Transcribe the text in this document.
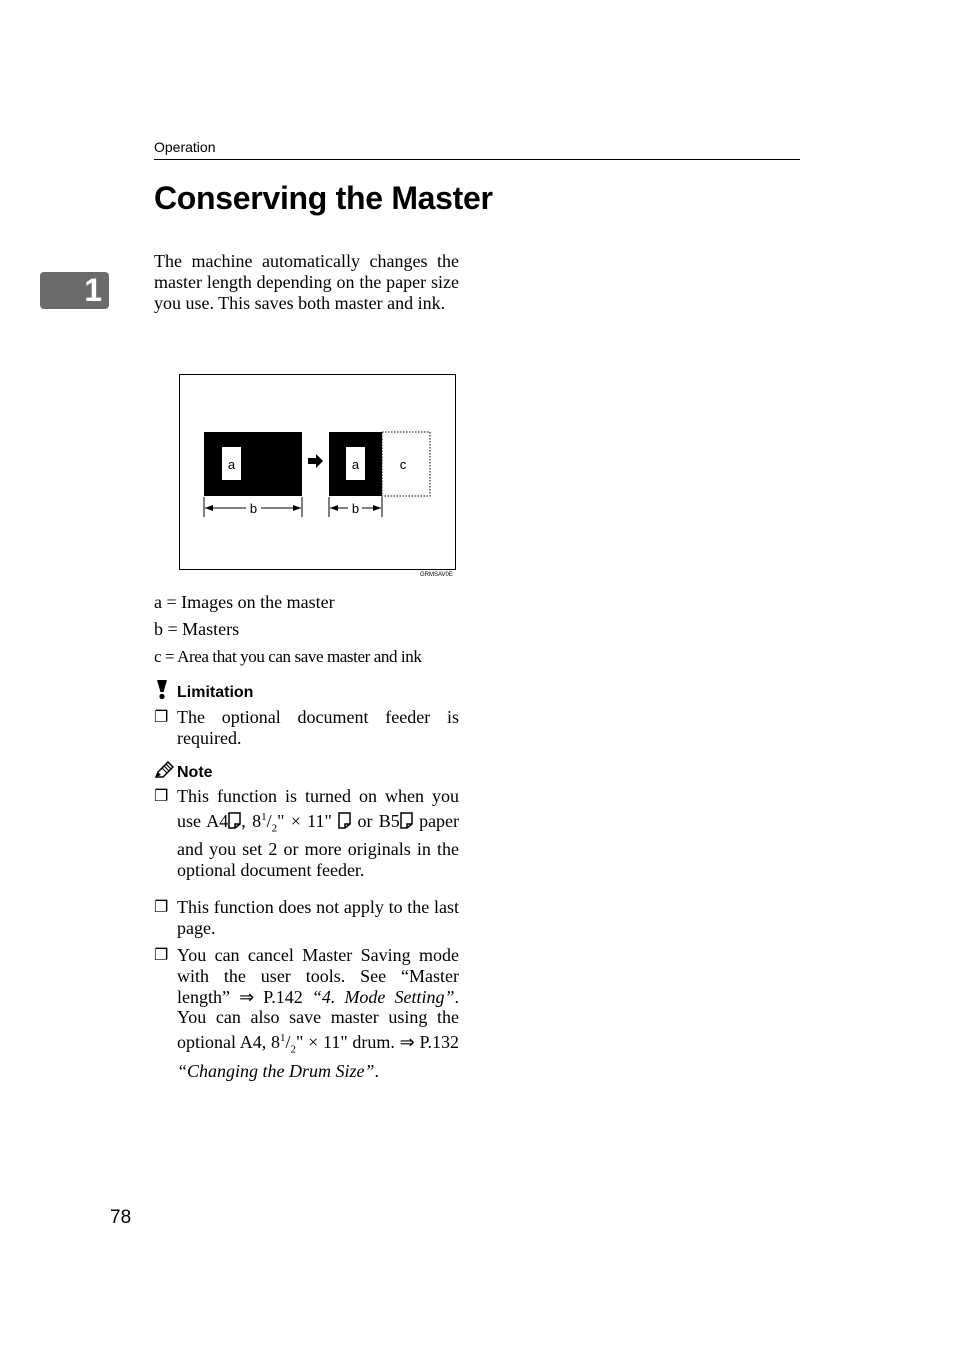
Operation
Conserving the Master
1
The machine automatically changes the master length depending on the paper size you use. This saves both master and ink.
a	a	c
b	b
GRMSAV0E
a = Images on the master
b = Masters
c = Area that you can save master and ink
Limitation
❐ The optional document feeder is required.
Note
❐ This function is turned on when you use A4 , $8^1/_2$" × 11" or B5 paper and you set 2 or more originals in the optional document feeder.
❐ This function does not apply to the last page.
❐ You can cancel Master Saving mode with the user tools. See “Master length” ⇒ P.142 “4. Mode Setting”. You can also save master using the optional A4, $8^1/_2$" × 11" drum. ⇒ P.132 “Changing the Drum Size”.
78
